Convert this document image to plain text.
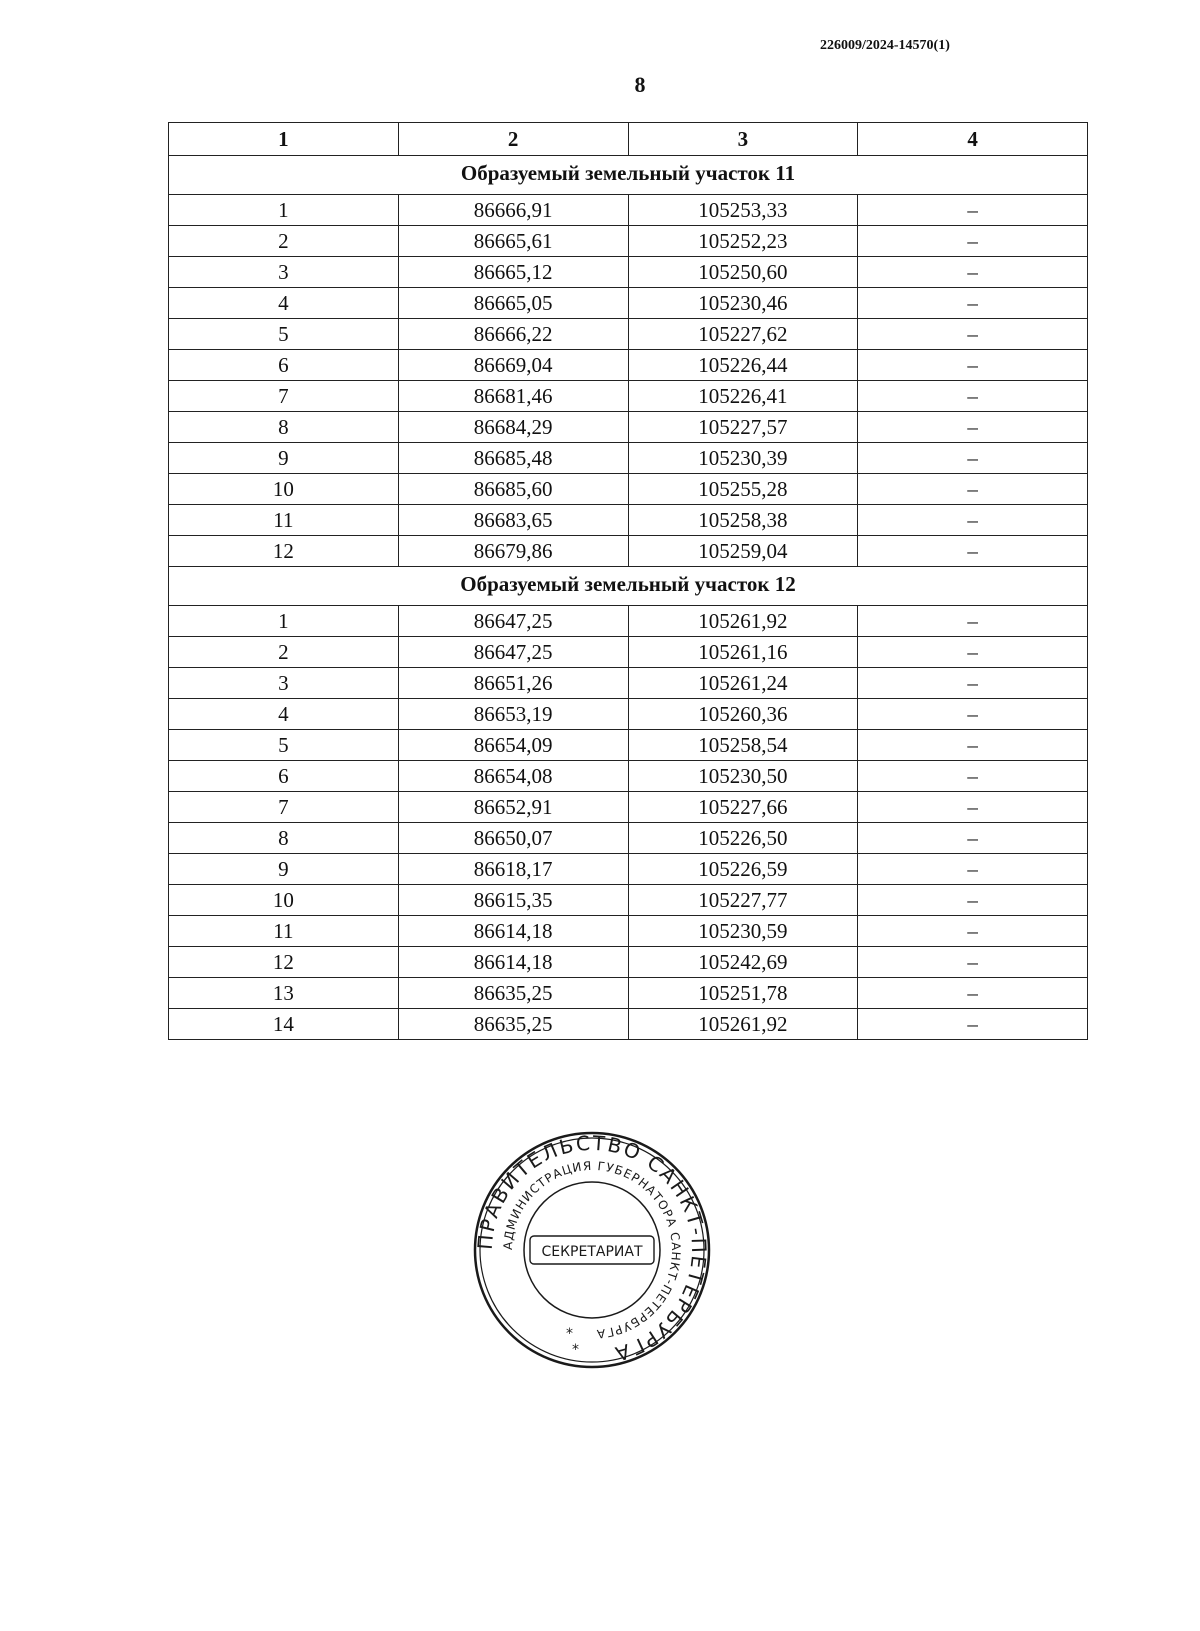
226009/2024-14570(1)
8
1	2	3	4
Образуемый земельный участок 11			
1	86666,91	105253,33	–
2	86665,61	105252,23	–
3	86665,12	105250,60	–
4	86665,05	105230,46	–
5	86666,22	105227,62	–
6	86669,04	105226,44	–
7	86681,46	105226,41	–
8	86684,29	105227,57	–
9	86685,48	105230,39	–
10	86685,60	105255,28	–
11	86683,65	105258,38	–
12	86679,86	105259,04	–
Образуемый земельный участок 12			
1	86647,25	105261,92	–
2	86647,25	105261,16	–
3	86651,26	105261,24	–
4	86653,19	105260,36	–
5	86654,09	105258,54	–
6	86654,08	105230,50	–
7	86652,91	105227,66	–
8	86650,07	105226,50	–
9	86618,17	105226,59	–
10	86615,35	105227,77	–
11	86614,18	105230,59	–
12	86614,18	105242,69	–
13	86635,25	105251,78	–
14	86635,25	105261,92	–
ПРАВИТЕЛЬСТВО САНКТ-ПЕТЕРБУРГА
АДМИНИСТРАЦИЯ ГУБЕРНАТОРА САНКТ-ПЕТЕРБУРГА
СЕКРЕТАРИАТ
*
*
